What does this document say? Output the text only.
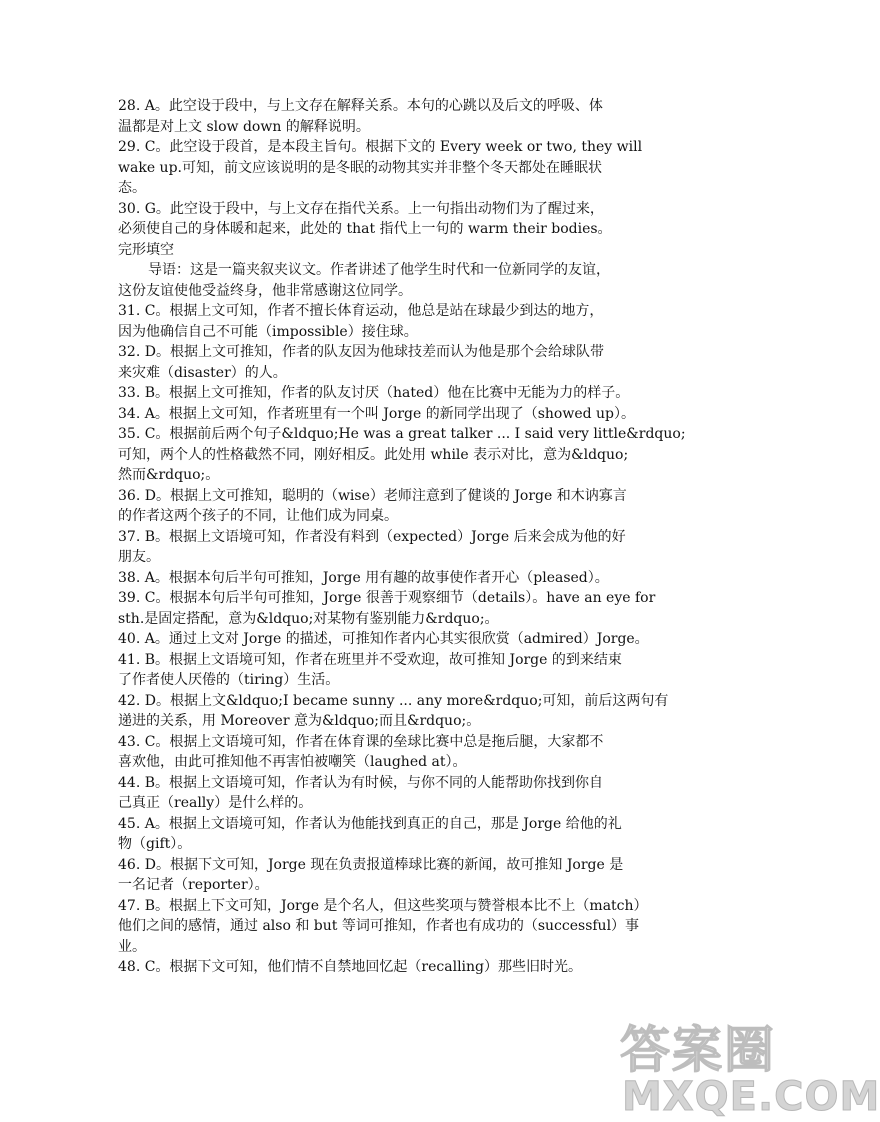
28. A。此空设于段中，与上文存在解释关系。本句的心跳以及后文的呼吸、体
温都是对上文 slow down 的解释说明。
29. C。此空设于段首，是本段主旨句。根据下文的 Every week or two, they will
wake up.可知，前文应该说明的是冬眠的动物其实并非整个冬天都处在睡眠状
态。
30. G。此空设于段中，与上文存在指代关系。上一句指出动物们为了醒过来，
必须使自己的身体暖和起来，此处的 that 指代上一句的 warm their bodies。
完形填空
导语：这是一篇夹叙夹议文。作者讲述了他学生时代和一位新同学的友谊，
这份友谊使他受益终身，他非常感谢这位同学。
31. C。根据上文可知，作者不擅长体育运动，他总是站在球最少到达的地方，
因为他确信自己不可能（impossible）接住球。
32. D。根据上文可推知，作者的队友因为他球技差而认为他是那个会给球队带
来灾难（disaster）的人。
33. B。根据上文可推知，作者的队友讨厌（hated）他在比赛中无能为力的样子。
34. A。根据上文可知，作者班里有一个叫 Jorge 的新同学出现了（showed up）。
35. C。根据前后两个句子&ldquo;He was a great talker ... I said very little&rdquo;
可知，两个人的性格截然不同，刚好相反。此处用 while 表示对比，意为&ldquo;
然而&rdquo;。
36. D。根据上文可推知，聪明的（wise）老师注意到了健谈的 Jorge 和木讷寡言
的作者这两个孩子的不同，让他们成为同桌。
37. B。根据上文语境可知，作者没有料到（expected）Jorge 后来会成为他的好
朋友。
38. A。根据本句后半句可推知，Jorge 用有趣的故事使作者开心（pleased）。
39. C。根据本句后半句可推知，Jorge 很善于观察细节（details）。have an eye for
sth.是固定搭配，意为&ldquo;对某物有鉴别能力&rdquo;。
40. A。通过上文对 Jorge 的描述，可推知作者内心其实很欣赏（admired）Jorge。
41. B。根据上文语境可知，作者在班里并不受欢迎，故可推知 Jorge 的到来结束
了作者使人厌倦的（tiring）生活。
42. D。根据上文&ldquo;I became sunny ... any more&rdquo;可知，前后这两句有
递进的关系，用 Moreover 意为&ldquo;而且&rdquo;。
43. C。根据上文语境可知，作者在体育课的垒球比赛中总是拖后腿，大家都不
喜欢他，由此可推知他不再害怕被嘲笑（laughed at）。
44. B。根据上文语境可知，作者认为有时候，与你不同的人能帮助你找到你自
己真正（really）是什么样的。
45. A。根据上文语境可知，作者认为他能找到真正的自己，那是 Jorge 给他的礼
物（gift）。
46. D。根据下文可知，Jorge 现在负责报道棒球比赛的新闻，故可推知 Jorge 是
一名记者（reporter）。
47. B。根据上下文可知，Jorge 是个名人，但这些奖项与赞誉根本比不上（match）
他们之间的感情，通过 also 和 but 等词可推知，作者也有成功的（successful）事
业。
48. C。根据下文可知，他们情不自禁地回忆起（recalling）那些旧时光。
答案圈
MXQE.COM
